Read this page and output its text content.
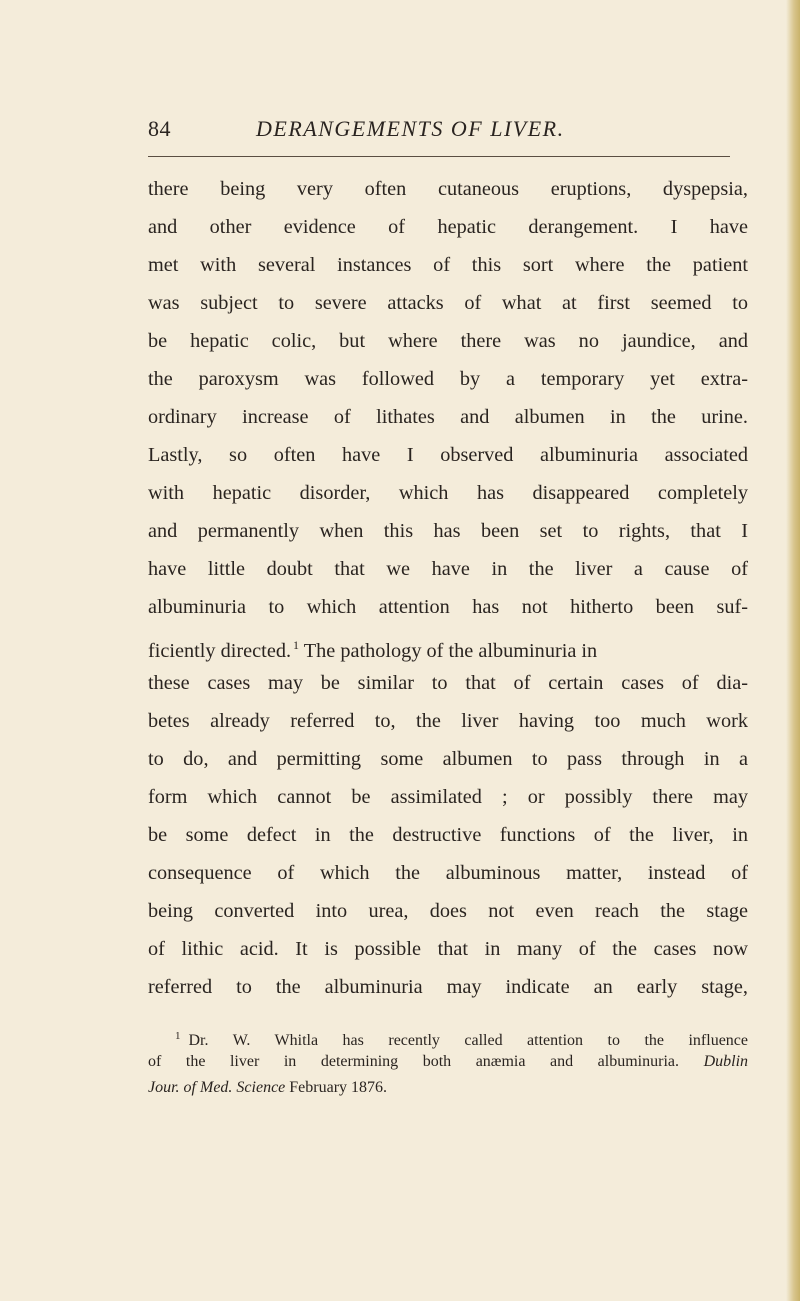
84	DERANGEMENTS OF LIVER.
there being very often cutaneous eruptions, dyspepsia,
and other evidence of hepatic derangement. I have
met with several instances of this sort where the patient
was subject to severe attacks of what at first seemed to
be hepatic colic, but where there was no jaundice, and
the paroxysm was followed by a temporary yet extra-
ordinary increase of lithates and albumen in the urine.
Lastly, so often have I observed albuminuria associated
with hepatic disorder, which has disappeared completely
and permanently when this has been set to rights, that I
have little doubt that we have in the liver a cause of
albuminuria to which attention has not hitherto been suf-
ficiently directed. $^1$ The pathology of the albuminuria in
these cases may be similar to that of certain cases of dia-
betes already referred to, the liver having too much work
to do, and permitting some albumen to pass through in a
form which cannot be assimilated ; or possibly there may
be some defect in the destructive functions of the liver, in
consequence of which the albuminous matter, instead of
being converted into urea, does not even reach the stage
of lithic acid. It is possible that in many of the cases now
referred to the albuminuria may indicate an early stage,
$^1$ Dr. W. Whitla has recently called attention to the influence
of the liver in determining both anæmia and albuminuria. Dublin
Jour. of Med. Science February 1876.
